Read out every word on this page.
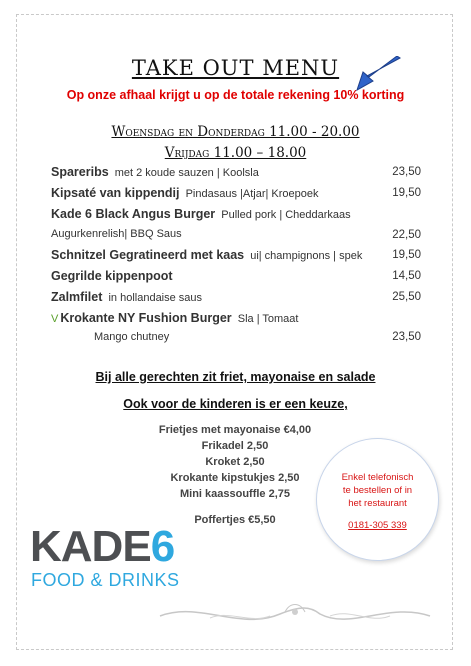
TAKE OUT MENU
Op onze afhaal krijgt u op de totale rekening 10% korting
Woensdag en Donderdag 11.00 - 20.00
Vrijdag 11.00 – 18.00
Spareribs met 2 koude sauzen | Koolsla	23,50
Kipsaté van kippendij Pindasaus |Atjar| Kroepoek	19,50
Kade 6 Black Angus Burger Pulled pork | Cheddarkaas
Augurkenrelish| BBQ Saus	22,50
Schnitzel Gegratineerd met kaas ui| champignons | spek	19,50
Gegrilde kippenpoot	14,50
Zalmfilet in hollandaise saus	25,50
V Krokante NY Fushion Burger Sla | Tomaat
Mango chutney	23,50
Bij alle gerechten zit friet, mayonaise en salade
Ook voor de kinderen is er een keuze,
Frietjes met mayonaise €4,00
Frikadel 2,50
Kroket 2,50
Krokante kipstukjes 2,50
Mini kaassouffle 2,75
Poffertjes €5,50
Enkel telefonisch
te bestellen of in
het restaurant
0181-305 339
KADE6
FOOD & DRINKS
